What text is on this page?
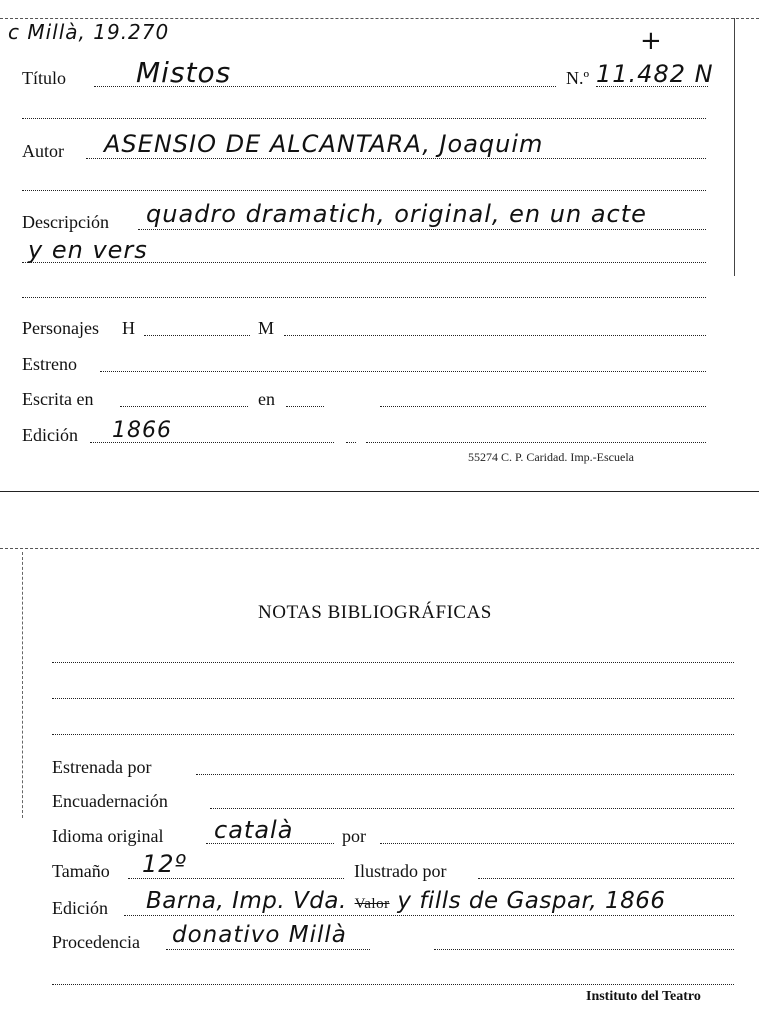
c Millà, 19.270	+
Título	Mistos	N.º 11.482 N
Autor ASENSIO DE ALCANTARA, Joaquim
Descripción quadro dramatich, original, en un acte
y en vers
Personajes H	M
Estreno
Escrita en	en
Edición 1866
55274 C. P. Caridad. Imp.-Escuela
NOTAS BIBLIOGRÁFICAS
Estrenada por
Encuadernación
Idioma original català	por
Tamaño 12º	Ilustrado por
Edición Barna, Imp. Vda. Valor y fills de Gaspar, 1866
Procedencia donativo Millà
Instituto del Teatro
